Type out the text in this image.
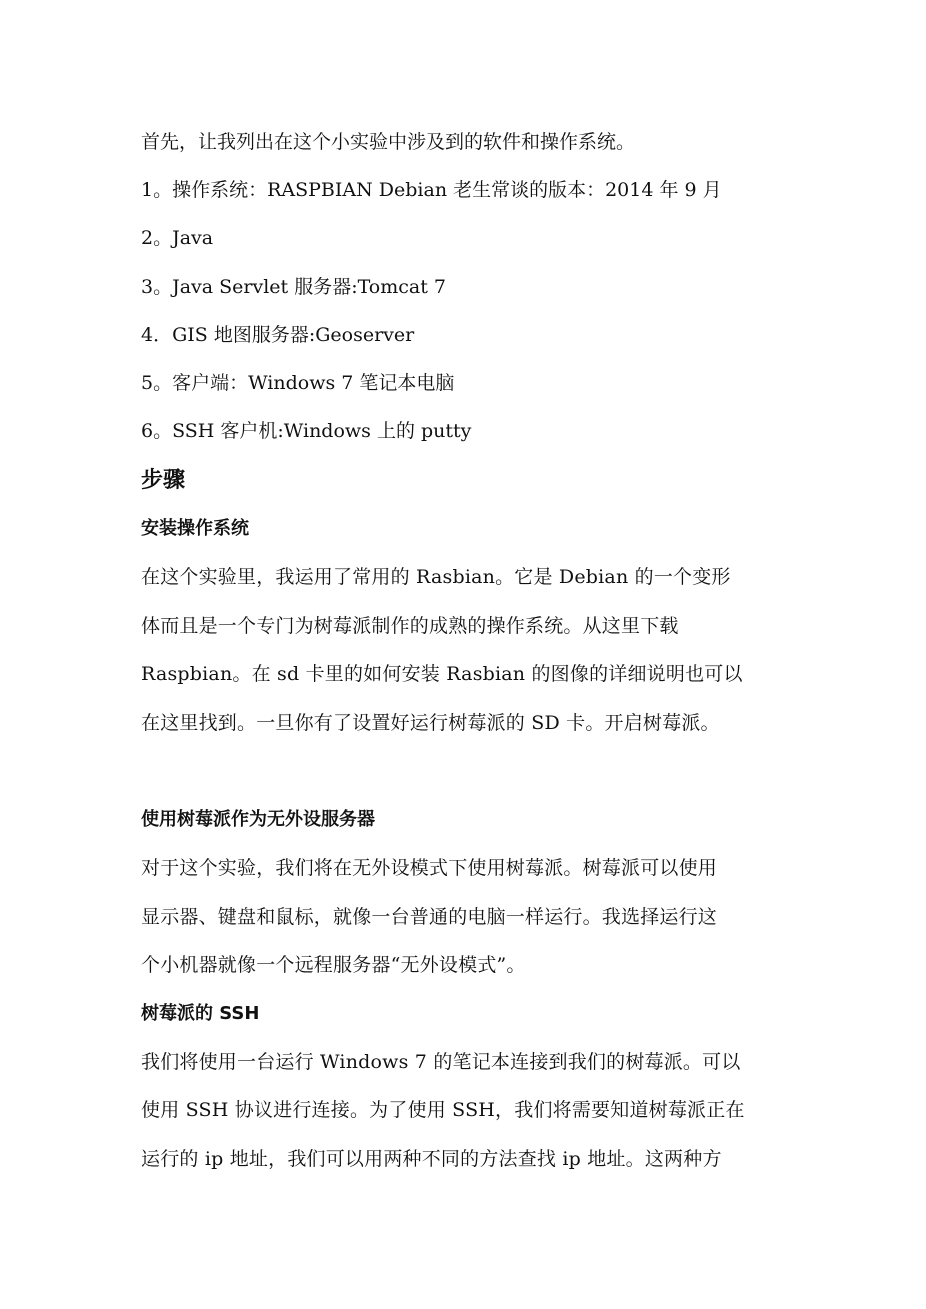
首先，让我列出在这个小实验中涉及到的软件和操作系统。
1。操作系统：RASPBIAN Debian 老生常谈的版本：2014 年 9 月
2。Java
3。Java Servlet 服务器:Tomcat 7
4．GIS 地图服务器:Geoserver
5。客户端：Windows 7 笔记本电脑
6。SSH 客户机:Windows 上的 putty
步骤
安装操作系统
在这个实验里，我运用了常用的 Rasbian。它是 Debian 的一个变形
体而且是一个专门为树莓派制作的成熟的操作系统。从这里下载
Raspbian。在 sd 卡里的如何安装 Rasbian 的图像的详细说明也可以
在这里找到。一旦你有了设置好运行树莓派的 SD 卡。开启树莓派。
使用树莓派作为无外设服务器
对于这个实验，我们将在无外设模式下使用树莓派。树莓派可以使用
显示器、键盘和鼠标，就像一台普通的电脑一样运行。我选择运行这
个小机器就像一个远程服务器“无外设模式”。
树莓派的 SSH
我们将使用一台运行 Windows 7 的笔记本连接到我们的树莓派。可以
使用 SSH 协议进行连接。为了使用 SSH，我们将需要知道树莓派正在
运行的 ip 地址，我们可以用两种不同的方法查找 ip 地址。这两种方
